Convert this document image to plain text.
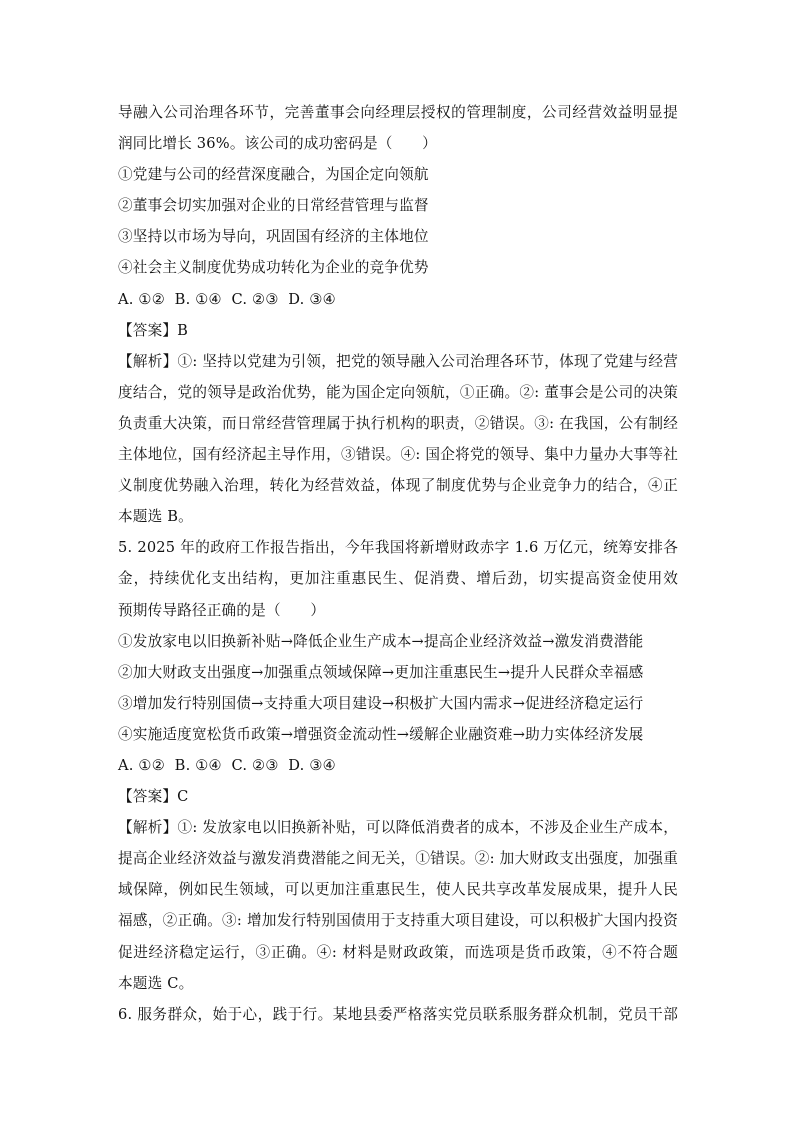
导融入公司治理各环节，完善董事会向经理层授权的管理制度，公司经营效益明显提
润同比增长 36%。该公司的成功密码是（　　）
①党建与公司的经营深度融合，为国企定向领航
②董事会切实加强对企业的日常经营管理与监督
③坚持以市场为导向，巩固国有经济的主体地位
④社会主义制度优势成功转化为企业的竞争优势
A. ①②  B. ①④  C. ②③  D. ③④
【答案】B
【解析】①: 坚持以党建为引领，把党的领导融入公司治理各环节，体现了党建与经营
度结合，党的领导是政治优势，能为国企定向领航，①正确。②: 董事会是公司的决策
负责重大决策，而日常经营管理属于执行机构的职责，②错误。③: 在我国，公有制经
主体地位，国有经济起主导作用，③错误。④: 国企将党的领导、集中力量办大事等社
义制度优势融入治理，转化为经营效益，体现了制度优势与企业竞争力的结合，④正
本题选 B。
5. 2025 年的政府工作报告指出，今年我国将新增财政赤字 1.6 万亿元，统筹安排各
金，持续优化支出结构，更加注重惠民生、促消费、增后劲，切实提高资金使用效
预期传导路径正确的是（　　）
①发放家电以旧换新补贴→降低企业生产成本→提高企业经济效益→激发消费潜能
②加大财政支出强度→加强重点领域保障→更加注重惠民生→提升人民群众幸福感
③增加发行特别国债→支持重大项目建设→积极扩大国内需求→促进经济稳定运行
④实施适度宽松货币政策→增强资金流动性→缓解企业融资难→助力实体经济发展
A. ①②  B. ①④  C. ②③  D. ③④
【答案】C
【解析】①: 发放家电以旧换新补贴，可以降低消费者的成本，不涉及企业生产成本，
提高企业经济效益与激发消费潜能之间无关，①错误。②: 加大财政支出强度，加强重
域保障，例如民生领域，可以更加注重惠民生，使人民共享改革发展成果，提升人民
福感，②正确。③: 增加发行特别国债用于支持重大项目建设，可以积极扩大国内投资
促进经济稳定运行，③正确。④: 材料是财政政策，而选项是货币政策，④不符合题
本题选 C。
6. 服务群众，始于心，践于行。某地县委严格落实党员联系服务群众机制，党员干部
